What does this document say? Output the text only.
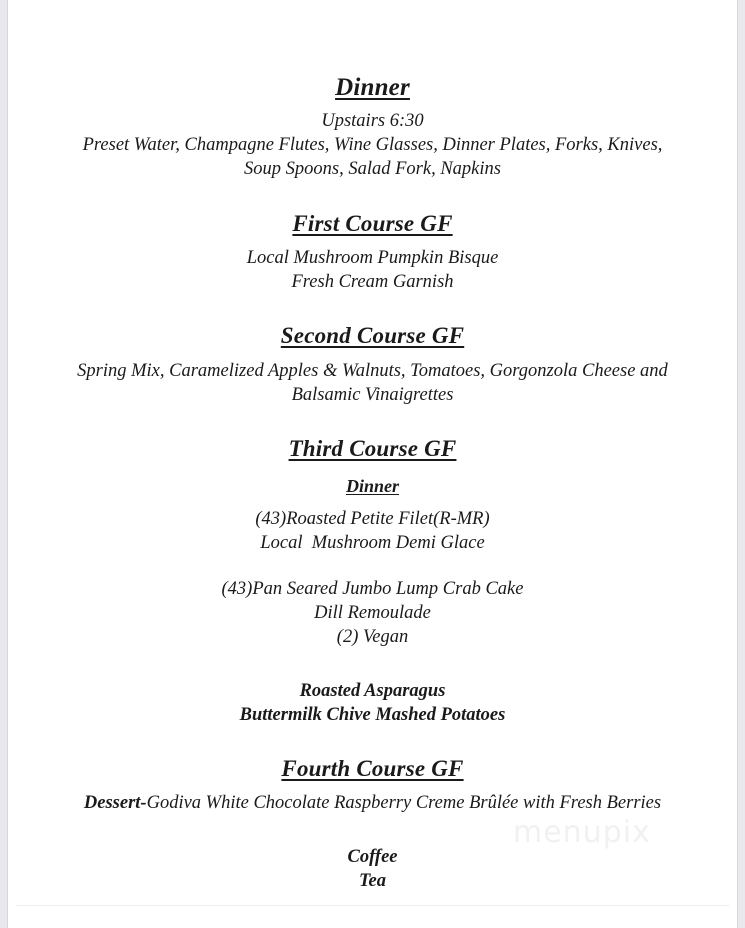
Dinner
Upstairs 6:30
Preset Water, Champagne Flutes, Wine Glasses, Dinner Plates, Forks, Knives,
Soup Spoons, Salad Fork, Napkins
First Course GF
Local Mushroom Pumpkin Bisque
Fresh Cream Garnish
Second Course GF
Spring Mix, Caramelized Apples & Walnuts, Tomatoes, Gorgonzola Cheese and
Balsamic Vinaigrettes
Third Course GF
Dinner
(43)Roasted Petite Filet(R-MR)
Local  Mushroom Demi Glace
(43)Pan Seared Jumbo Lump Crab Cake
Dill Remoulade
(2) Vegan
Roasted Asparagus
Buttermilk Chive Mashed Potatoes
Fourth Course GF
Dessert-Godiva White Chocolate Raspberry Creme Brûlée with Fresh Berries
Coffee
Tea
menupix
